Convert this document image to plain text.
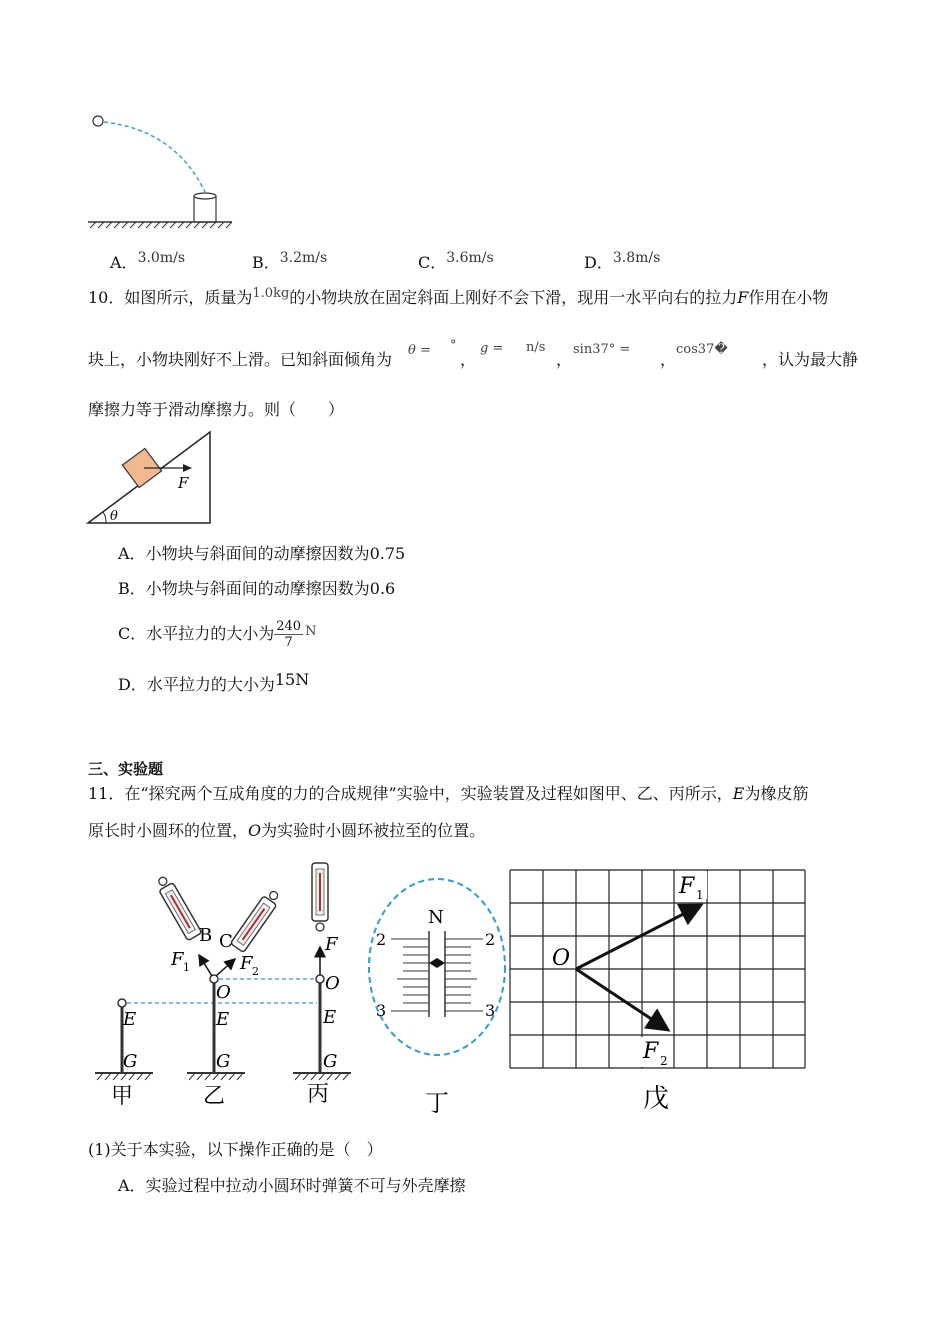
A．3.0m/s	B．3.2m/s	C．3.6m/s	D．3.8m/s
10．如图所示，质量为$^{1.0kg}$的小物块放在固定斜面上刚好不会下滑，现用一水平向右的拉力F作用在小物
块上，小物块刚好不上滑。已知斜面倾角为 θ = °
，
g = n/s
，
sin37° =
，
cos37�
，认为最大静
摩擦力等于滑动摩擦力。则（　　）
F
θ
A．小物块与斜面间的动摩擦因数为0.75
B．小物块与斜面间的动摩擦因数为0.6
C．水平拉力的大小为 $\frac{240}{7} ^N$
D．水平拉力的大小为15N
三、实验题
11．在“探究两个互成角度的力的合成规律”实验中，实验装置及过程如图甲、乙、丙所示，E为橡皮筋
原长时小圆环的位置，O为实验时小圆环被拉至的位置。
E
G
甲
B C
F 1	F 2
O
E
G
乙
F
O
E
G
丙
N
2	2
3	3
丁
O
F 1
F 2
戊
(1)关于本实验，以下操作正确的是（　）
A．实验过程中拉动小圆环时弹簧不可与外壳摩擦
